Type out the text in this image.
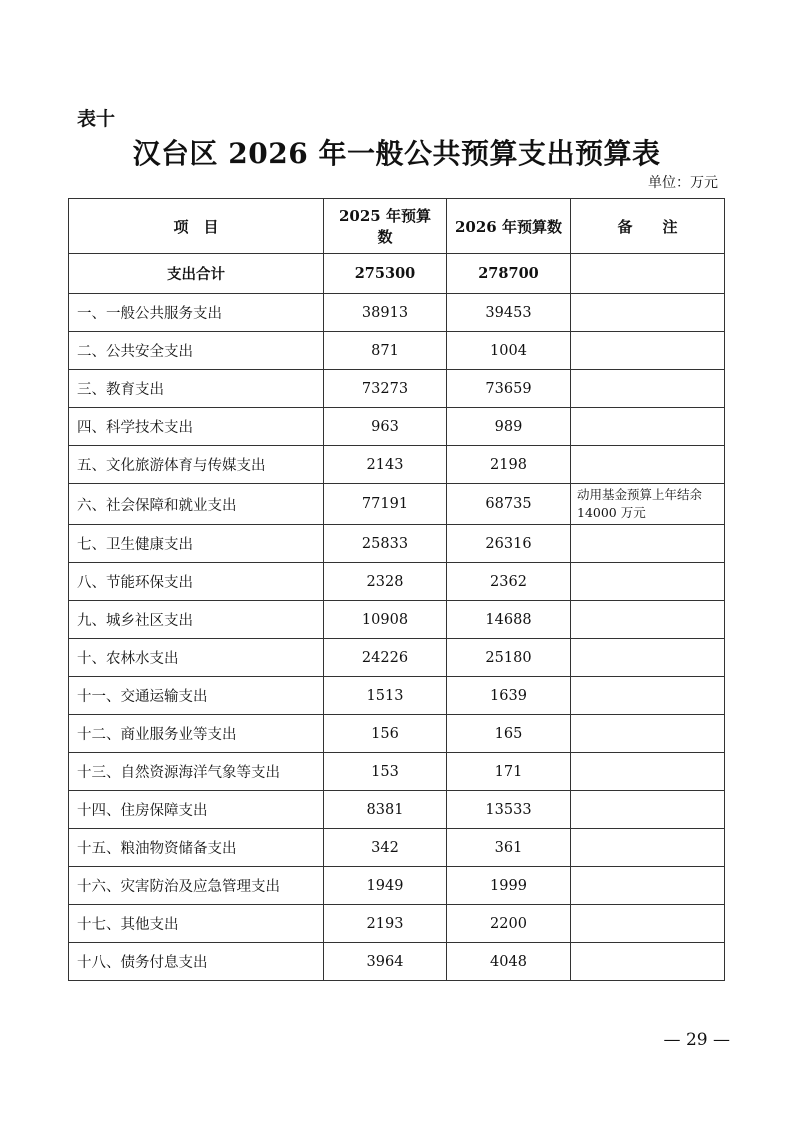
表十
汉台区 2026 年一般公共预算支出预算表
单位：万元
项　目	2025 年预算数	2026 年预算数	备　　注
支出合计	275300	278700	
一、一般公共服务支出	38913	39453	
二、公共安全支出	871	1004	
三、教育支出	73273	73659	
四、科学技术支出	963	989	
五、文化旅游体育与传媒支出	2143	2198	
六、社会保障和就业支出	77191	68735	动用基金预算上年结余 14000 万元
七、卫生健康支出	25833	26316	
八、节能环保支出	2328	2362	
九、城乡社区支出	10908	14688	
十、农林水支出	24226	25180	
十一、交通运输支出	1513	1639	
十二、商业服务业等支出	156	165	
十三、自然资源海洋气象等支出	153	171	
十四、住房保障支出	8381	13533	
十五、粮油物资储备支出	342	361	
十六、灾害防治及应急管理支出	1949	1999	
十七、其他支出	2193	2200	
十八、债务付息支出	3964	4048	
— 29 —
